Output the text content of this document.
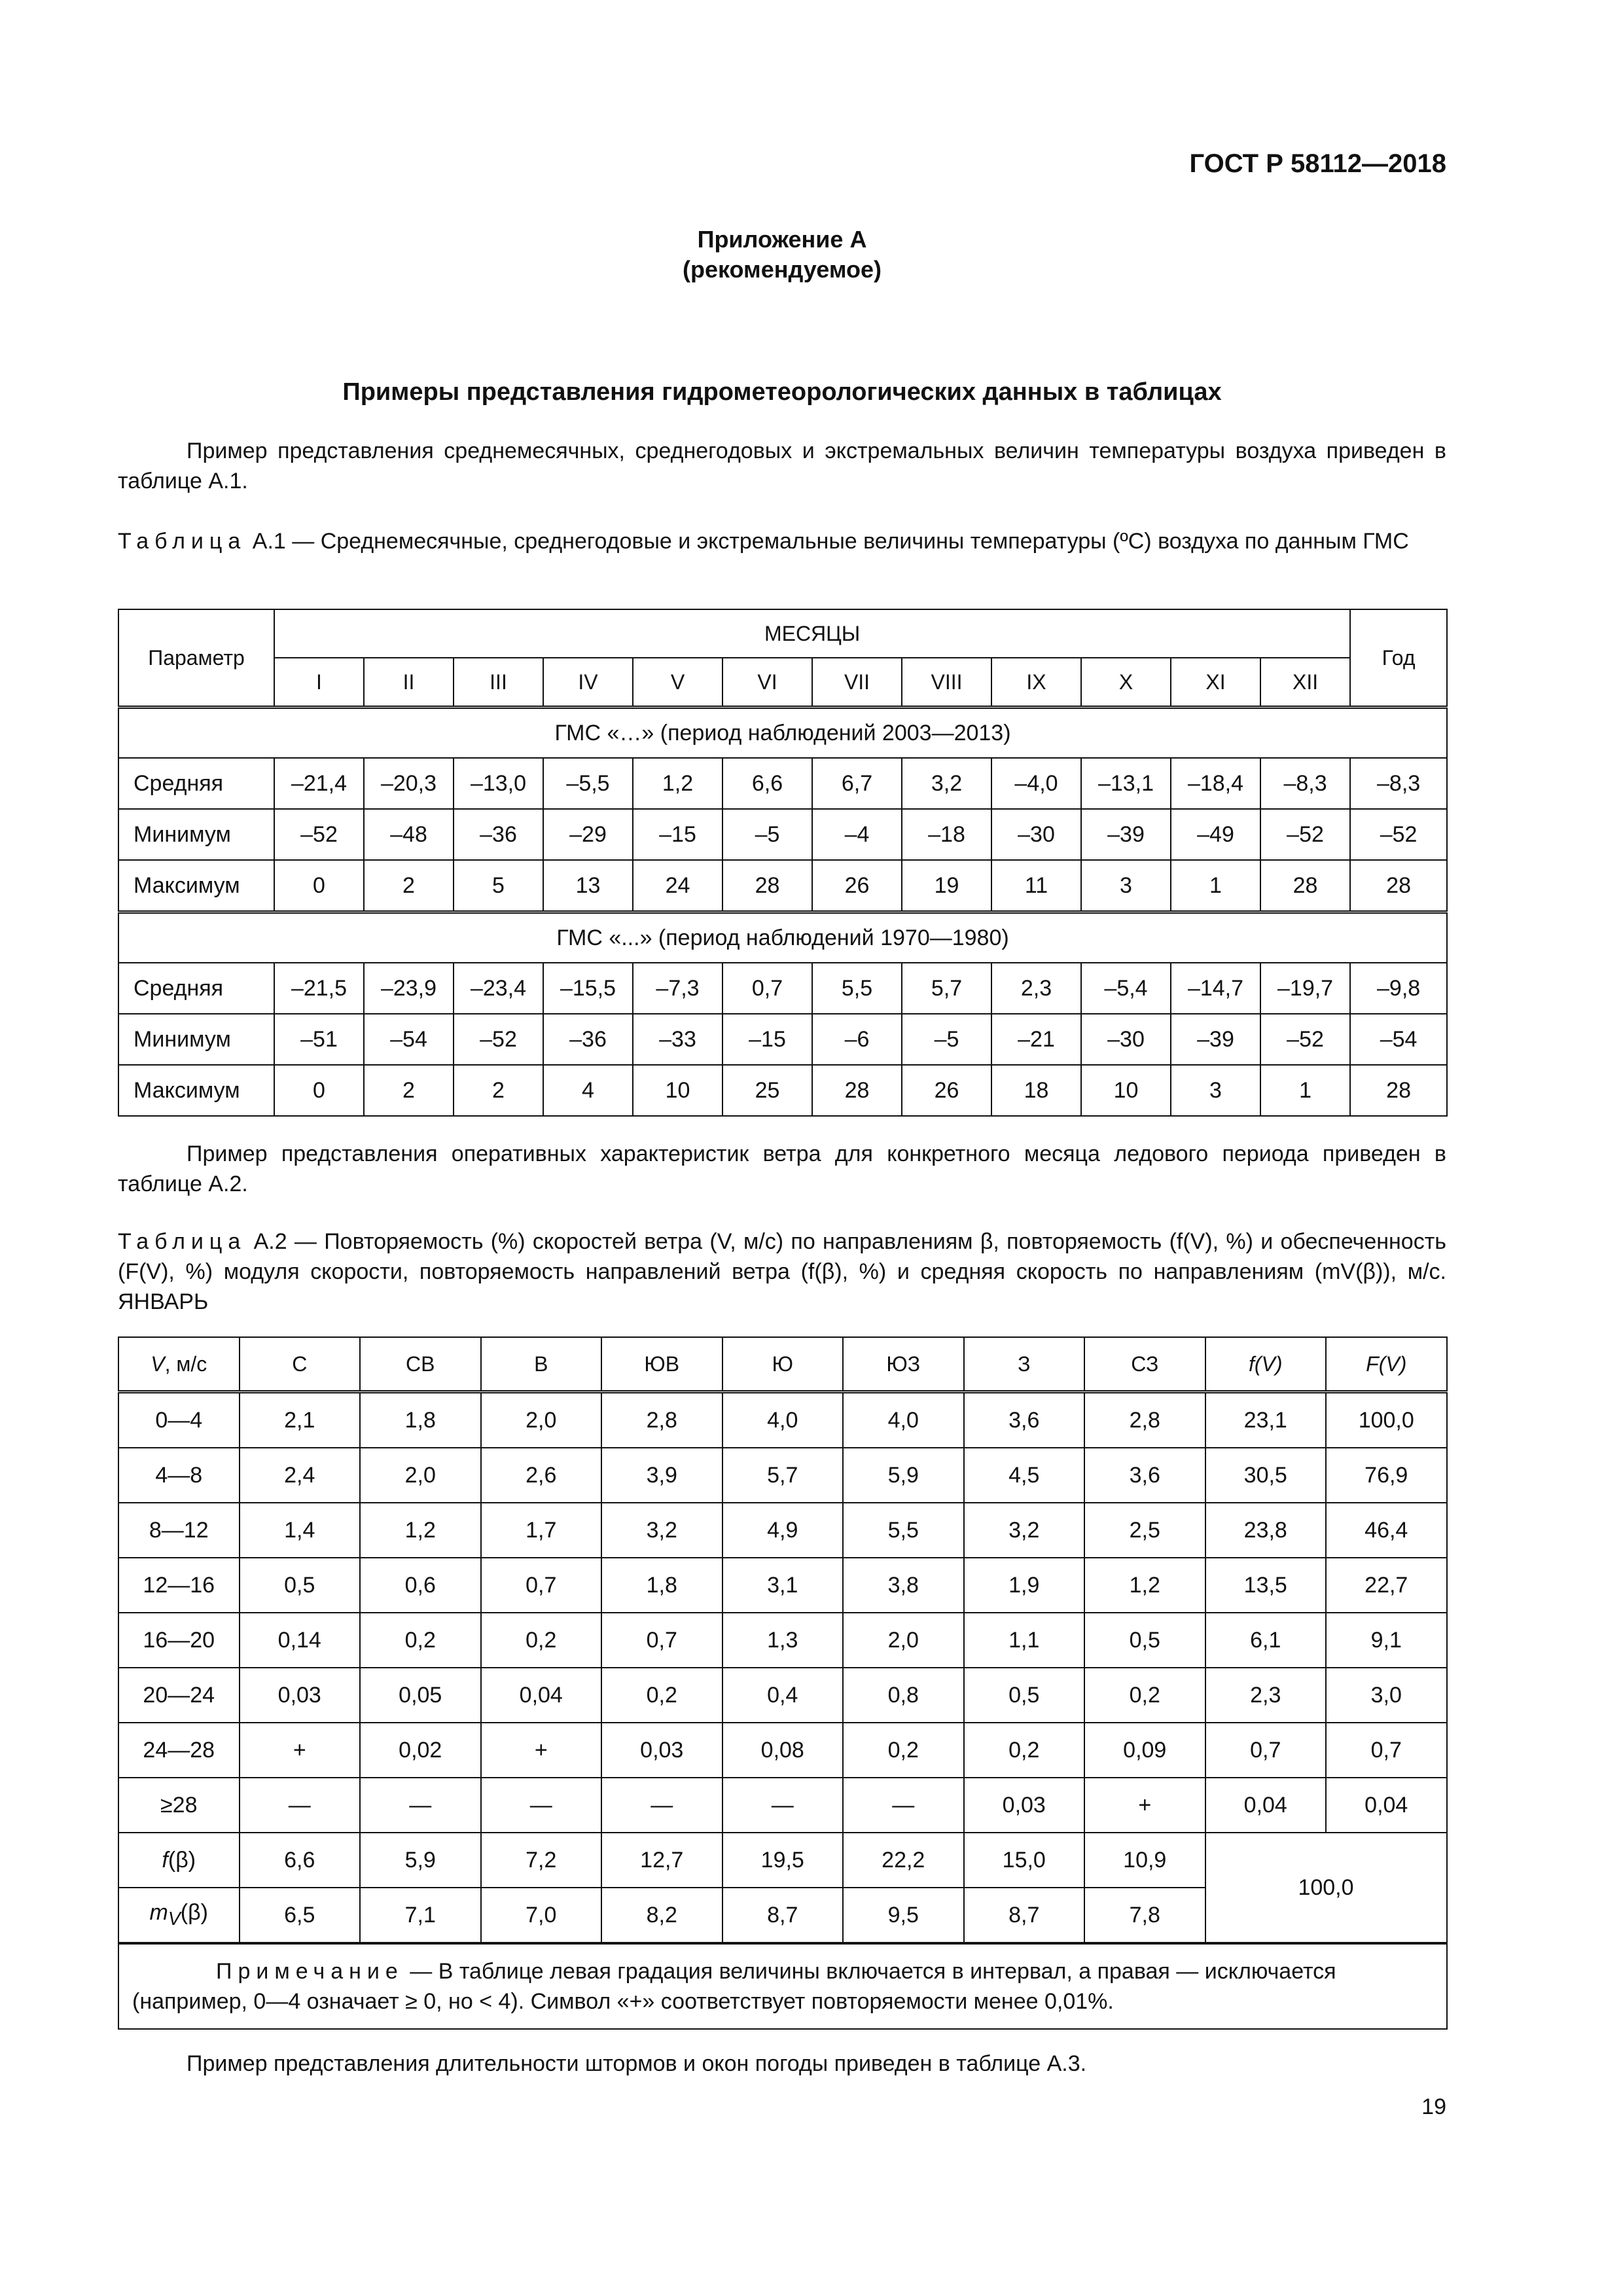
ГОСТ Р 58112—2018
Приложение А
(рекомендуемое)
Примеры представления гидрометеорологических данных в таблицах
Пример представления среднемесячных, среднегодовых и экстремальных величин температуры воздуха приведен в таблице А.1.
Таблица А.1 — Среднемесячные, среднегодовые и экстремальные величины температуры (ºС) воздуха по данным ГМС
Параметр	МЕСЯЦЫ												Год
	I	II	III	IV	V	VI	VII	VIII	IX	X	XI	XII	
ГМС «…» (период наблюдений 2003—2013)													
Средняя	–21,4	–20,3	–13,0	–5,5	1,2	6,6	6,7	3,2	–4,0	–13,1	–18,4	–8,3	–8,3
Минимум	–52	–48	–36	–29	–15	–5	–4	–18	–30	–39	–49	–52	–52
Максимум	0	2	5	13	24	28	26	19	11	3	1	28	28
ГМС «...» (период наблюдений 1970—1980)													
Средняя	–21,5	–23,9	–23,4	–15,5	–7,3	0,7	5,5	5,7	2,3	–5,4	–14,7	–19,7	–9,8
Минимум	–51	–54	–52	–36	–33	–15	–6	–5	–21	–30	–39	–52	–54
Максимум	0	2	2	4	10	25	28	26	18	10	3	1	28
Пример представления оперативных характеристик ветра для конкретного месяца ледового периода приведен в таблице А.2.
Таблица А.2 — Повторяемость (%) скоростей ветра (V, м/с) по направлениям β, повторяемость (f(V), %) и обеспеченность (F(V), %) модуля скорости, повторяемость направлений ветра (f(β), %) и средняя скорость по направлениям (mV(β)), м/с. ЯНВАРЬ
V, м/с	С	СВ	В	ЮВ	Ю	ЮЗ	З	СЗ	f(V)	F(V)
0—4	2,1	1,8	2,0	2,8	4,0	4,0	3,6	2,8	23,1	100,0
4—8	2,4	2,0	2,6	3,9	5,7	5,9	4,5	3,6	30,5	76,9
8—12	1,4	1,2	1,7	3,2	4,9	5,5	3,2	2,5	23,8	46,4
12—16	0,5	0,6	0,7	1,8	3,1	3,8	1,9	1,2	13,5	22,7
16—20	0,14	0,2	0,2	0,7	1,3	2,0	1,1	0,5	6,1	9,1
20—24	0,03	0,05	0,04	0,2	0,4	0,8	0,5	0,2	2,3	3,0
24—28	+	0,02	+	0,03	0,08	0,2	0,2	0,09	0,7	0,7
≥28	—	—	—	—	—	—	0,03	+	0,04	0,04
f(β)	6,6	5,9	7,2	12,7	19,5	22,2	15,0	10,9	100,0	
$m_V(\beta)$	6,5	7,1	7,0	8,2	8,7	9,5	8,7	7,8		
Примечание — В таблице левая градация величины включается в интервал, а правая — исключается (например, 0—4 означает ≥ 0, но < 4). Символ «+» соответствует повторяемости менее 0,01%.										
Пример представления длительности штормов и окон погоды приведен в таблице А.3.
19
